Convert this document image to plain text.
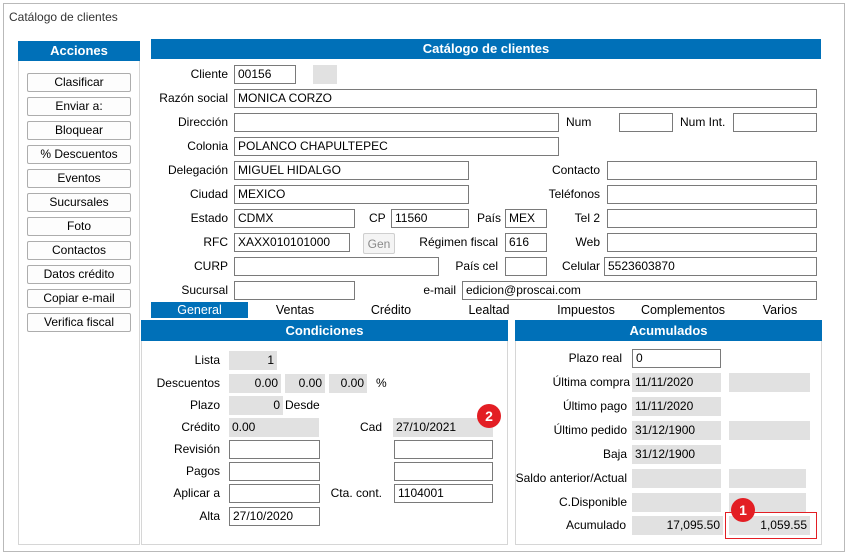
Catálogo de clientes
Acciones
Clasificar
Enviar a:
Bloquear
% Descuentos
Eventos
Sucursales
Foto
Contactos
Datos crédito
Copiar e-mail
Verifica fiscal
Catálogo de clientes
Cliente 00156
Razón social MONICA CORZO
Dirección	Num	Num Int.
Colonia POLANCO CHAPULTEPEC
Delegación MIGUEL HIDALGO	Contacto
Ciudad MEXICO	Teléfonos
Estado CDMX	CP 11560	País MEX	Tel 2
RFC XAXX010101000	Gen	Régimen fiscal 616	Web
CURP	País cel	Celular 5523603870
Sucursal	e-mail edicion@proscai.com
General	Ventas	Crédito	Lealtad	Impuestos	Complementos	Varios
Condiciones
Lista	1
Descuentos	0.00	0.00	0.00 %
Plazo	0 Desde
Crédito 0.00	Cad 27/10/2021
Revisión
Pagos
Aplicar a	Cta. cont.	1104001
Alta	27/10/2020
Acumulados
Plazo real	0
Última compra 11/11/2020
Último pago 11/11/2020
Último pedido 31/12/1900
Baja 31/12/1900
Saldo anterior/Actual
C.Disponible
Acumulado	17,095.50	1,059.55
1
2
